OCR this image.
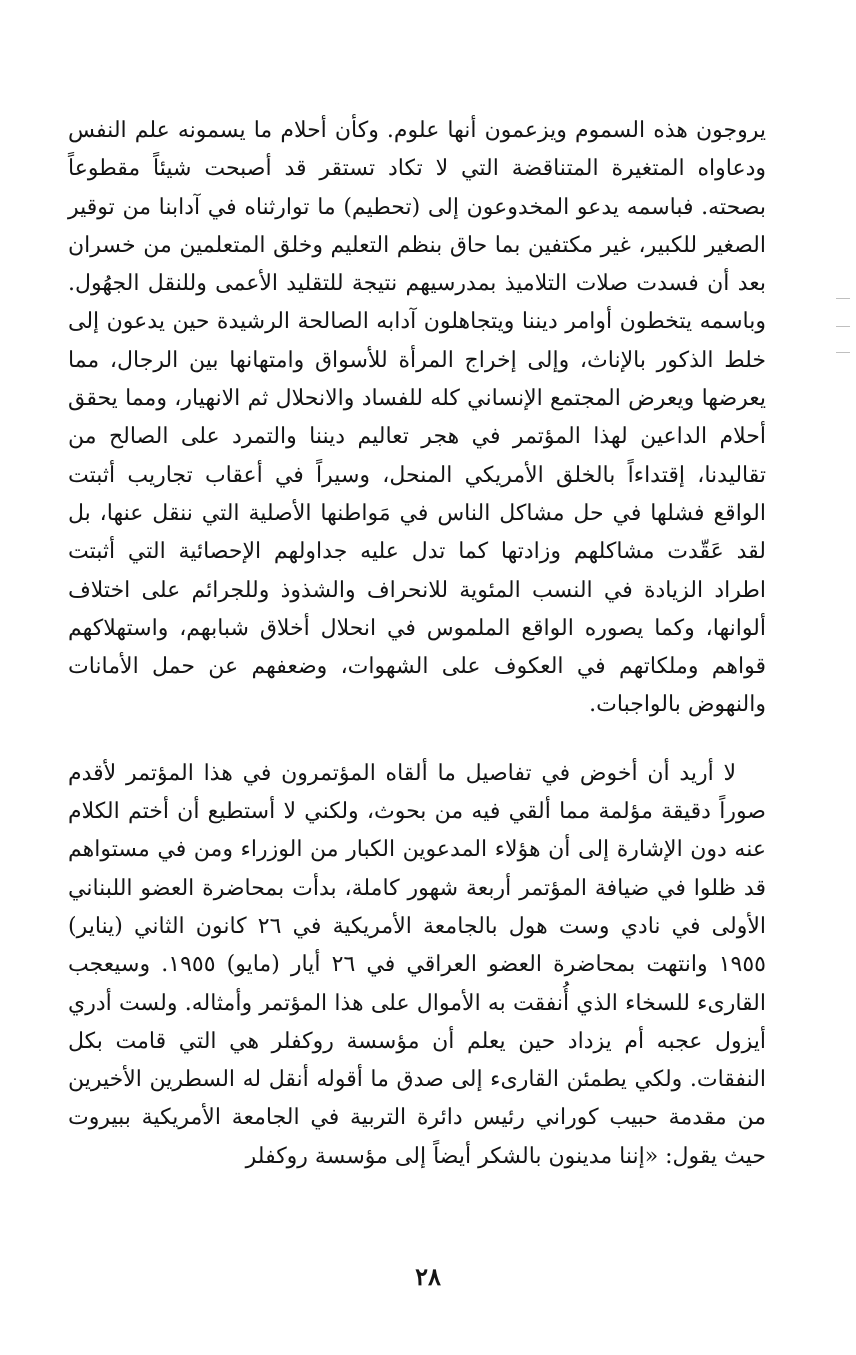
يروجون هذه السموم ويزعمون أنها علوم. وكأن أحلام ما يسمونه علم النفس ودعاواه المتغيرة المتناقضة التي لا تكاد تستقر قد أصبحت شيئاً مقطوعاً بصحته. فباسمه يدعو المخدوعون إلى (تحطيم) ما توارثناه في آدابنا من توقير الصغير للكبير، غير مكتفين بما حاق بنظم التعليم وخلق المتعلمين من خسران بعد أن فسدت صلات التلاميذ بمدرسيهم نتيجة للتقليد الأعمى وللنقل الجهُول. وباسمه يتخطون أوامر ديننا ويتجاهلون آدابه الصالحة الرشيدة حين يدعون إلى خلط الذكور بالإناث، وإلى إخراج المرأة للأسواق وامتهانها بين الرجال، مما يعرضها ويعرض المجتمع الإنساني كله للفساد والانحلال ثم الانهيار، ومما يحقق أحلام الداعين لهذا المؤتمر في هجر تعاليم ديننا والتمرد على الصالح من تقاليدنا، إقتداءاً بالخلق الأمريكي المنحل، وسيراً في أعقاب تجاريب أثبتت الواقع فشلها في حل مشاكل الناس في مَواطنها الأصلية التي ننقل عنها، بل لقد عَقّدت مشاكلهم وزادتها كما تدل عليه جداولهم الإحصائية التي أثبتت اطراد الزيادة في النسب المئوية للانحراف والشذوذ وللجرائم على اختلاف ألوانها، وكما يصوره الواقع الملموس في انحلال أخلاق شبابهم، واستهلاكهم قواهم وملكاتهم في العكوف على الشهوات، وضعفهم عن حمل الأمانات والنهوض بالواجبات.

لا أريد أن أخوض في تفاصيل ما ألقاه المؤتمرون في هذا المؤتمر لأقدم صوراً دقيقة مؤلمة مما ألقي فيه من بحوث، ولكني لا أستطيع أن أختم الكلام عنه دون الإشارة إلى أن هؤلاء المدعوين الكبار من الوزراء ومن في مستواهم قد ظلوا في ضيافة المؤتمر أربعة شهور كاملة، بدأت بمحاضرة العضو اللبناني الأولى في نادي وست هول بالجامعة الأمريكية في ٢٦ كانون الثاني (يناير) ١٩٥٥ وانتهت بمحاضرة العضو العراقي في ٢٦ أيار (مايو) ١٩٥٥. وسيعجب القارىء للسخاء الذي أُنفقت به الأموال على هذا المؤتمر وأمثاله. ولست أدري أيزول عجبه أم يزداد حين يعلم أن مؤسسة روكفلر هي التي قامت بكل النفقات. ولكي يطمئن القارىء إلى صدق ما أقوله أنقل له السطرين الأخيرين من مقدمة حبيب كوراني رئيس دائرة التربية في الجامعة الأمريكية ببيروت حيث يقول: «إننا مدينون بالشكر أيضاً إلى مؤسسة روكفلر

٢٨
